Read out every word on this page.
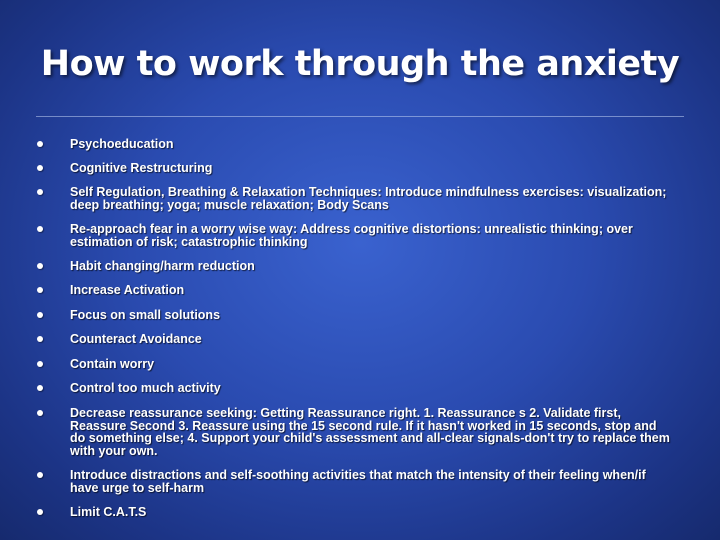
How to work through the anxiety
Psychoeducation
Cognitive Restructuring
Self Regulation, Breathing & Relaxation Techniques: Introduce mindfulness exercises: visualization; deep breathing; yoga; muscle relaxation; Body Scans
Re-approach fear in a worry wise way: Address cognitive distortions: unrealistic thinking; over estimation of risk; catastrophic thinking
Habit changing/harm reduction
Increase Activation
Focus on small solutions
Counteract Avoidance
Contain worry
Control too much activity
Decrease reassurance seeking: Getting Reassurance right. 1. Reassurance s 2. Validate first, Reassure Second 3. Reassure using the 15 second rule. If it hasn't worked in 15 seconds, stop and do something else; 4. Support your child's assessment and all-clear signals-don't try to replace them with your own.
Introduce distractions and self-soothing activities that match the intensity of their feeling when/if have urge to self-harm
Limit C.A.T.S
